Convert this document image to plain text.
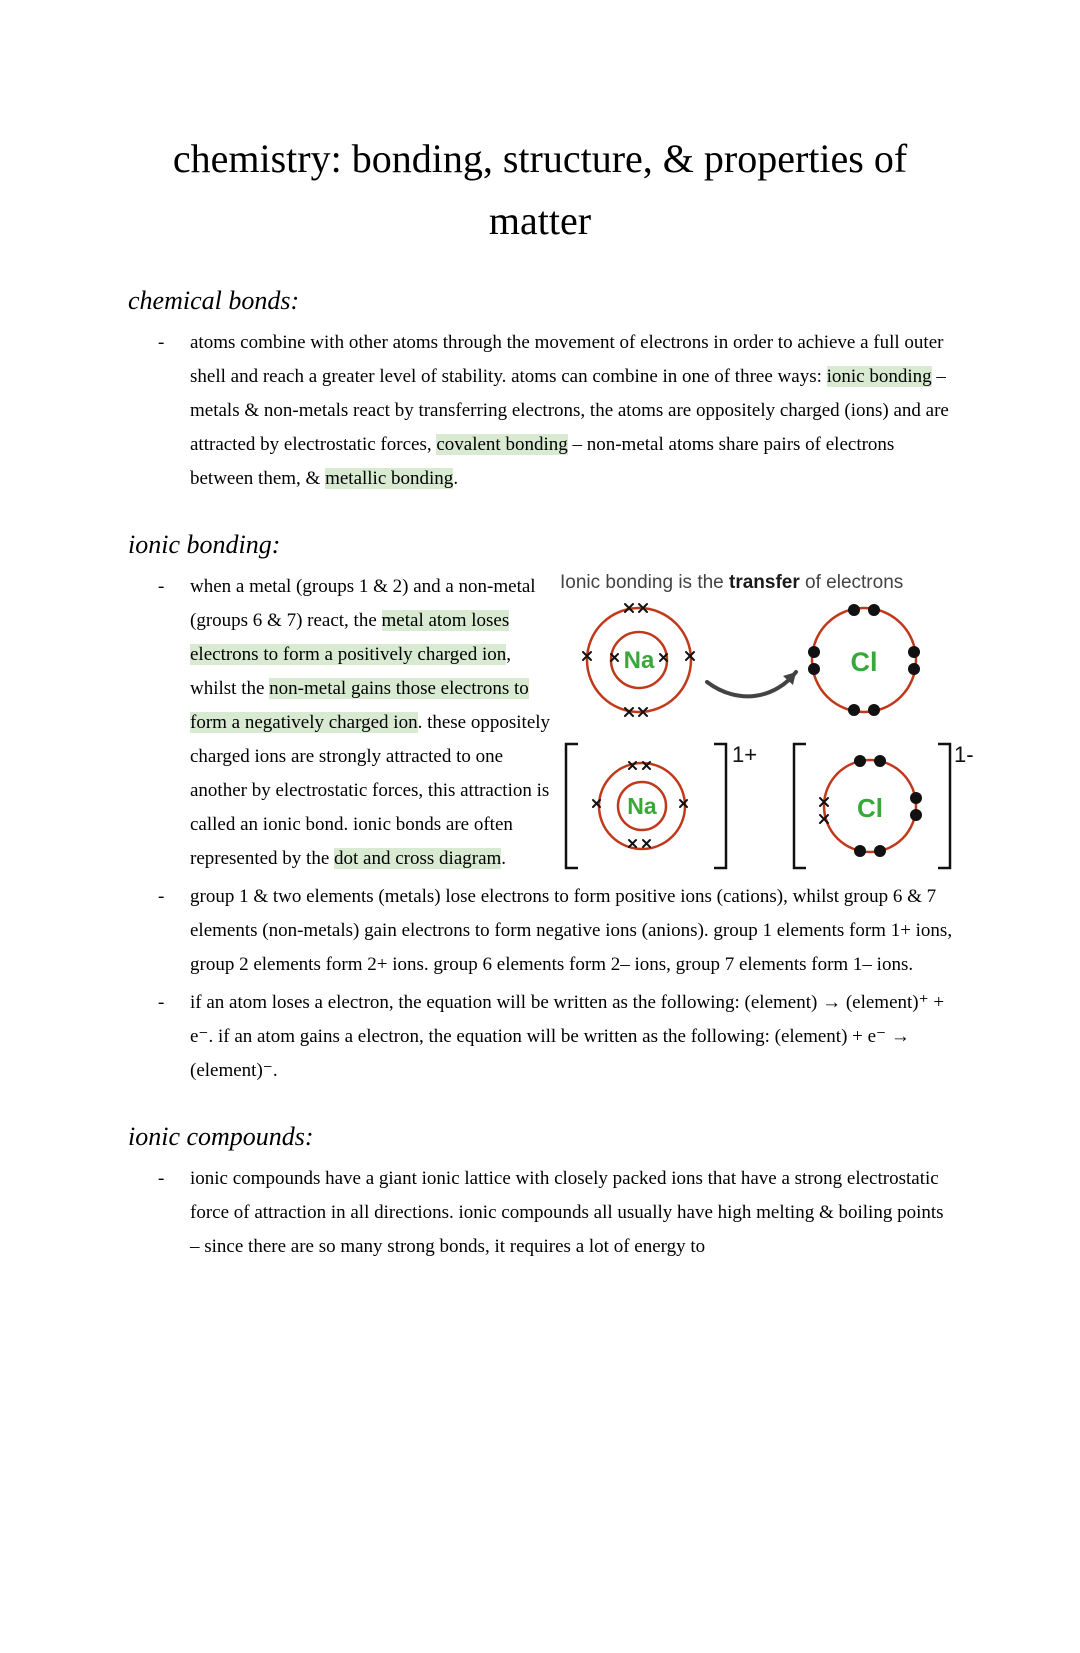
chemistry: bonding, structure, & properties of matter
chemical bonds:
-	atoms combine with other atoms through the movement of electrons in order to achieve a full outer shell and reach a greater level of stability. atoms can combine in one of three ways: ionic bonding – metals & non-metals react by transferring electrons, the atoms are oppositely charged (ions) and are attracted by electrostatic forces, covalent bonding – non-metal atoms share pairs of electrons between them, & metallic bonding.
ionic bonding:
-	when a metal (groups 1 & 2) and a non-metal (groups 6 & 7) react, the metal atom loses electrons to form a positively charged ion, whilst the non-metal gains those electrons to form a negatively charged ion. these oppositely charged ions are strongly attracted to one another by electrostatic forces, this attraction is called an ionic bond. ionic bonds are often represented by the dot and cross diagram.
Ionic bonding is the transfer of electrons
Na	Cl
1+
Na
1-
Cl
-	group 1 & two elements (metals) lose electrons to form positive ions (cations), whilst group 6 & 7 elements (non-metals) gain electrons to form negative ions (anions). group 1 elements form 1+ ions, group 2 elements form 2+ ions. group 6 elements form 2– ions, group 7 elements form 1– ions.
-	if an atom loses a electron, the equation will be written as the following: (element) → (element)⁺ + e⁻. if an atom gains a electron, the equation will be written as the following: (element) + e⁻ → (element)⁻.
ionic compounds:
-	ionic compounds have a giant ionic lattice with closely packed ions that have a strong electrostatic force of attraction in all directions. ionic compounds all usually have high melting & boiling points – since there are so many strong bonds, it requires a lot of energy to
